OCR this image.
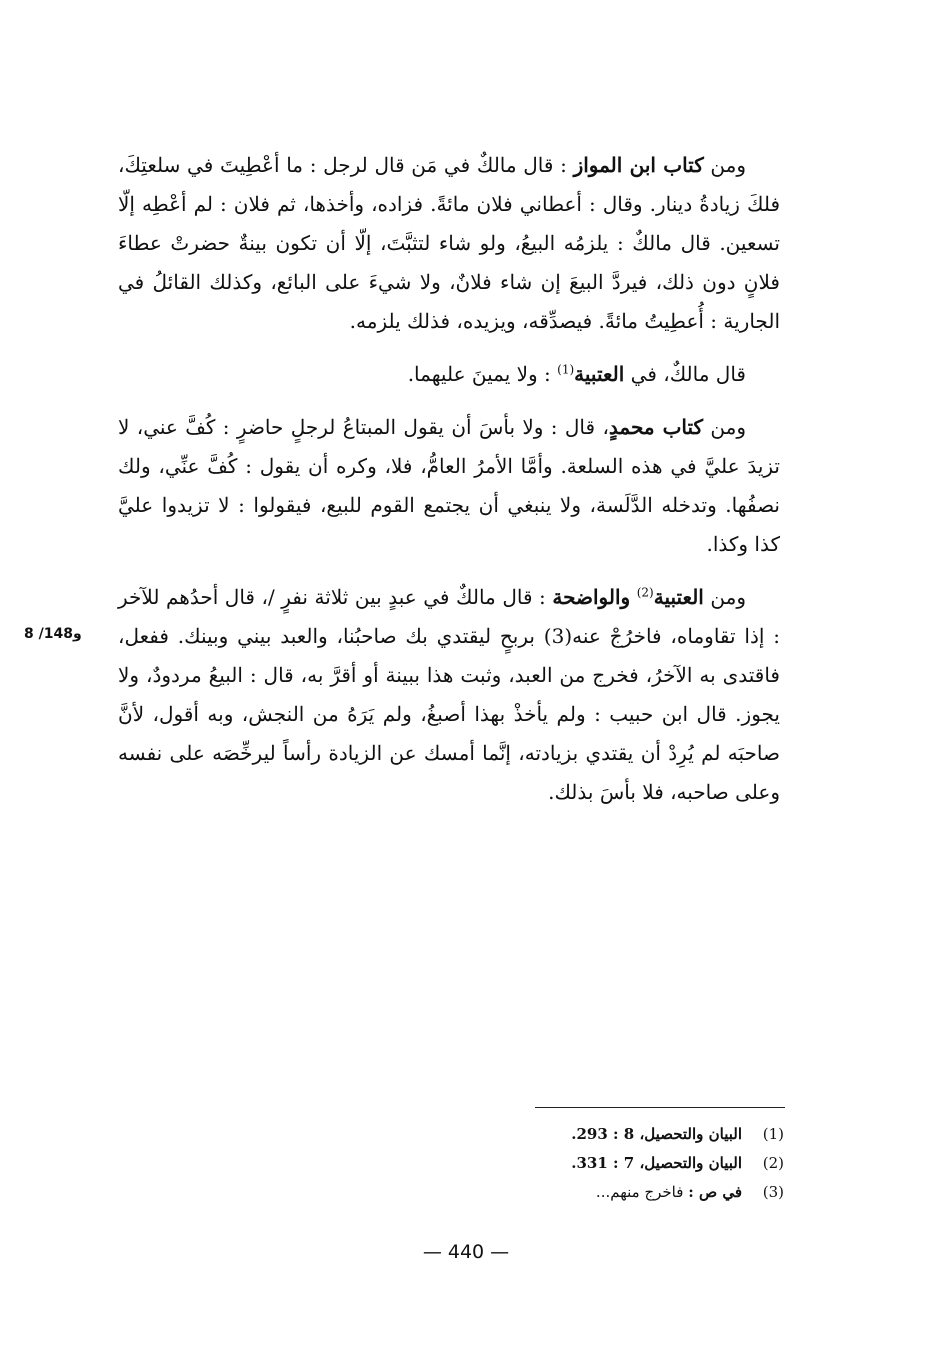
ومن كتاب ابن المواز : قال مالكٌ في مَن قال لرجل : ما أعْطِيتَ في سلعتِكَ، فلكَ زيادةُ دينار. وقال : أعطاني فلان مائةً. فزاده، وأخذها، ثم فلان : لم أعْطِه إلّا تسعين. قال مالكٌ : يلزمُه البيعُ، ولو شاء لتثبَّتَ، إلّا أن تكون بينةٌ حضرتْ عطاءَ فلانٍ دون ذلك، فيردَّ البيعَ إن شاء فلانٌ، ولا شيءَ على البائع، وكذلك القائلُ في الجارية : أُعطِيتُ مائةً. فيصدِّقه، ويزيده، فذلك يلزمه.

قال مالكٌ، في العتبية$^{(1)}$ : ولا يمينَ عليهما.

ومن كتاب محمدٍ، قال : ولا بأسَ أن يقول المبتاعُ لرجلٍ حاضرٍ : كُفَّ عني، لا تزيدَ عليَّ في هذه السلعة. وأمَّا الأمرُ العامُّ، فلا، وكره أن يقول : كُفَّ عنِّي، ولك نصفُها. وتدخله الدَّلَسة، ولا ينبغي أن يجتمع القوم للبيع، فيقولوا : لا تزيدوا عليَّ كذا وكذا.

ومن العتبية$^{(2)}$ والواضحة : قال مالكٌ في عبدٍ بين ثلاثة نفرٍ /، قال أحدُهم للآخر : إذا تقاوماه، فاخرُجْ عنه(3) بربحٍ ليقتدي بك صاحبُنا، والعبد بيني وبينك. ففعل، فاقتدى به الآخرُ، فخرج من العبد، وثبت هذا ببينة أو أقرَّ به، قال : البيعُ مردودٌ، ولا يجوز. قال ابن حبيب : ولم يأخذْ بهذا أصبغُ، ولم يَرَهُ من النجش، وبه أقول، لأنَّ صاحبَه لم يُرِدْ أن يقتدي بزيادته، إنَّما أمسك عن الزيادة رأساً ليرخِّصَه على نفسه وعلى صاحبه، فلا بأسَ بذلك.

8 /148و
(1)
البيان والتحصيل، 8 : 293.
(2)
البيان والتحصيل، 7 : 331.
(3)
في ص : فاخرج منهم...
— 440 —
